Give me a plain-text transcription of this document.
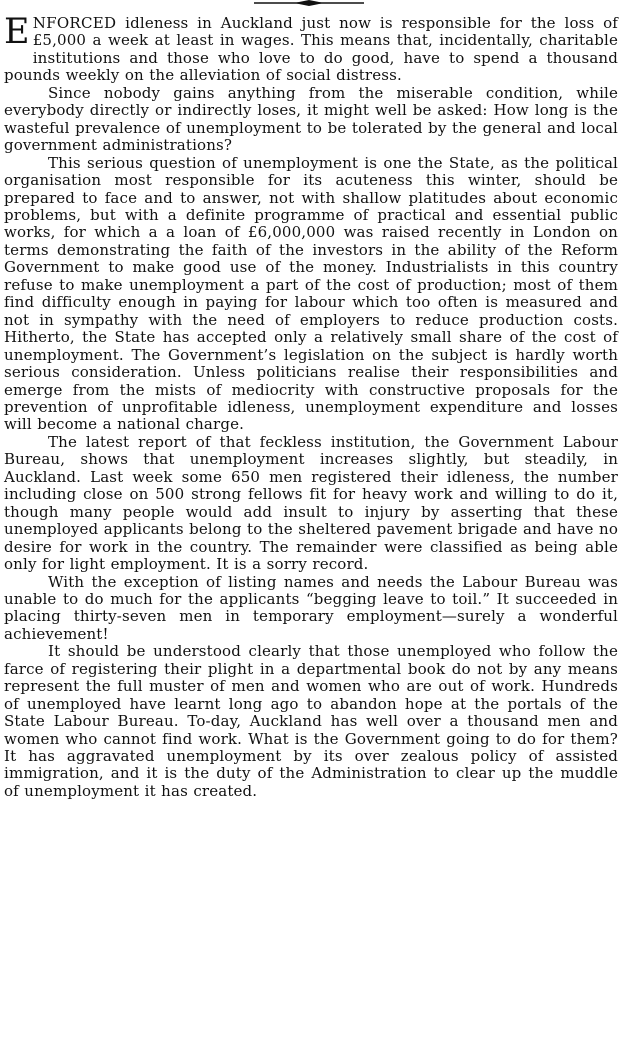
ENFORCED idleness in Auckland just now is responsible for the loss of £5,000 a week at least in wages. This means that, incidentally, charitable institutions and those who love to do good, have to spend a thousand pounds weekly on the alleviation of social distress.

Since nobody gains anything from the miserable condition, while everybody directly or indirectly loses, it might well be asked: How long is the wasteful prevalence of unemployment to be tolerated by the general and local government administrations?

This serious question of unemployment is one the State, as the political organisation most responsible for its acuteness this winter, should be prepared to face and to answer, not with shallow platitudes about economic problems, but with a definite programme of practical and essential public works, for which a a loan of £6,000,000 was raised recently in London on terms demonstrating the faith of the investors in the ability of the Reform Government to make good use of the money. Industrialists in this country refuse to make unemployment a part of the cost of production; most of them find difficulty enough in paying for labour which too often is measured and not in sympathy with the need of employers to reduce production costs. Hitherto, the State has accepted only a relatively small share of the cost of unemployment. The Government’s legislation on the subject is hardly worth serious consideration. Unless politicians realise their responsibilities and emerge from the mists of mediocrity with constructive proposals for the prevention of unprofitable idleness, unemployment expenditure and losses will become a national charge.

The latest report of that feckless institution, the Government Labour Bureau, shows that unemployment increases slightly, but steadily, in Auckland. Last week some 650 men registered their idleness, the number including close on 500 strong fellows fit for heavy work and willing to do it, though many people would add insult to injury by asserting that these unemployed applicants belong to the sheltered pavement brigade and have no desire for work in the country. The remainder were classified as being able only for light employment. It is a sorry record.

With the exception of listing names and needs the Labour Bureau was unable to do much for the applicants “begging leave to toil.” It succeeded in placing thirty-seven men in temporary employment—surely a wonderful achievement!

It should be understood clearly that those unemployed who follow the farce of registering their plight in a departmental book do not by any means represent the full muster of men and women who are out of work. Hundreds of unemployed have learnt long ago to abandon hope at the portals of the State Labour Bureau. To-day, Auckland has well over a thousand men and women who cannot find work. What is the Government going to do for them? It has aggravated unemployment by its over zealous policy of assisted immigration, and it is the duty of the Administration to clear up the muddle of unemployment it has created.
